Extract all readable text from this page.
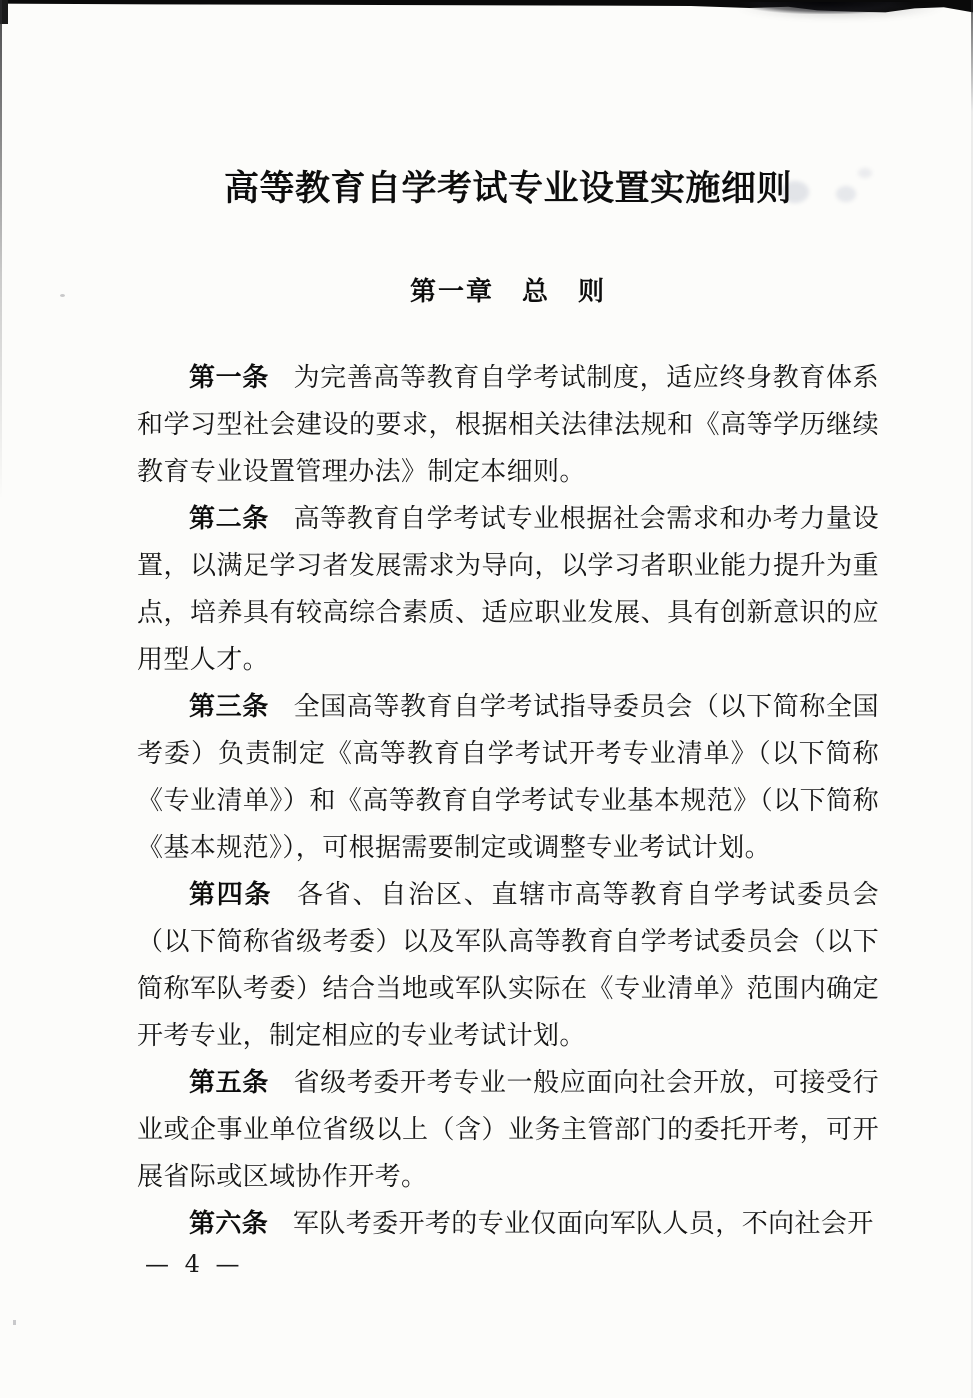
高等教育自学考试专业设置实施细则
第一章　总　则

第一条 为完善高等教育自学考试制度，适应终身教育体系和学习型社会建设的要求，根据相关法律法规和《高等学历继续教育专业设置管理办法》制定本细则。

第二条 高等教育自学考试专业根据社会需求和办考力量设置，以满足学习者发展需求为导向，以学习者职业能力提升为重点，培养具有较高综合素质、适应职业发展、具有创新意识的应用型人才。

第三条 全国高等教育自学考试指导委员会（以下简称全国考委）负责制定《高等教育自学考试开考专业清单》（以下简称《专业清单》）和《高等教育自学考试专业基本规范》（以下简称《基本规范》），可根据需要制定或调整专业考试计划。

第四条 各省、自治区、直辖市高等教育自学考试委员会（以下简称省级考委）以及军队高等教育自学考试委员会（以下简称军队考委）结合当地或军队实际在《专业清单》范围内确定开考专业，制定相应的专业考试计划。

第五条 省级考委开考专业一般应面向社会开放，可接受行业或企事业单位省级以上（含）业务主管部门的委托开考，可开展省际或区域协作开考。

第六条 军队考委开考的专业仅面向军队人员，不向社会开

— 4 —
